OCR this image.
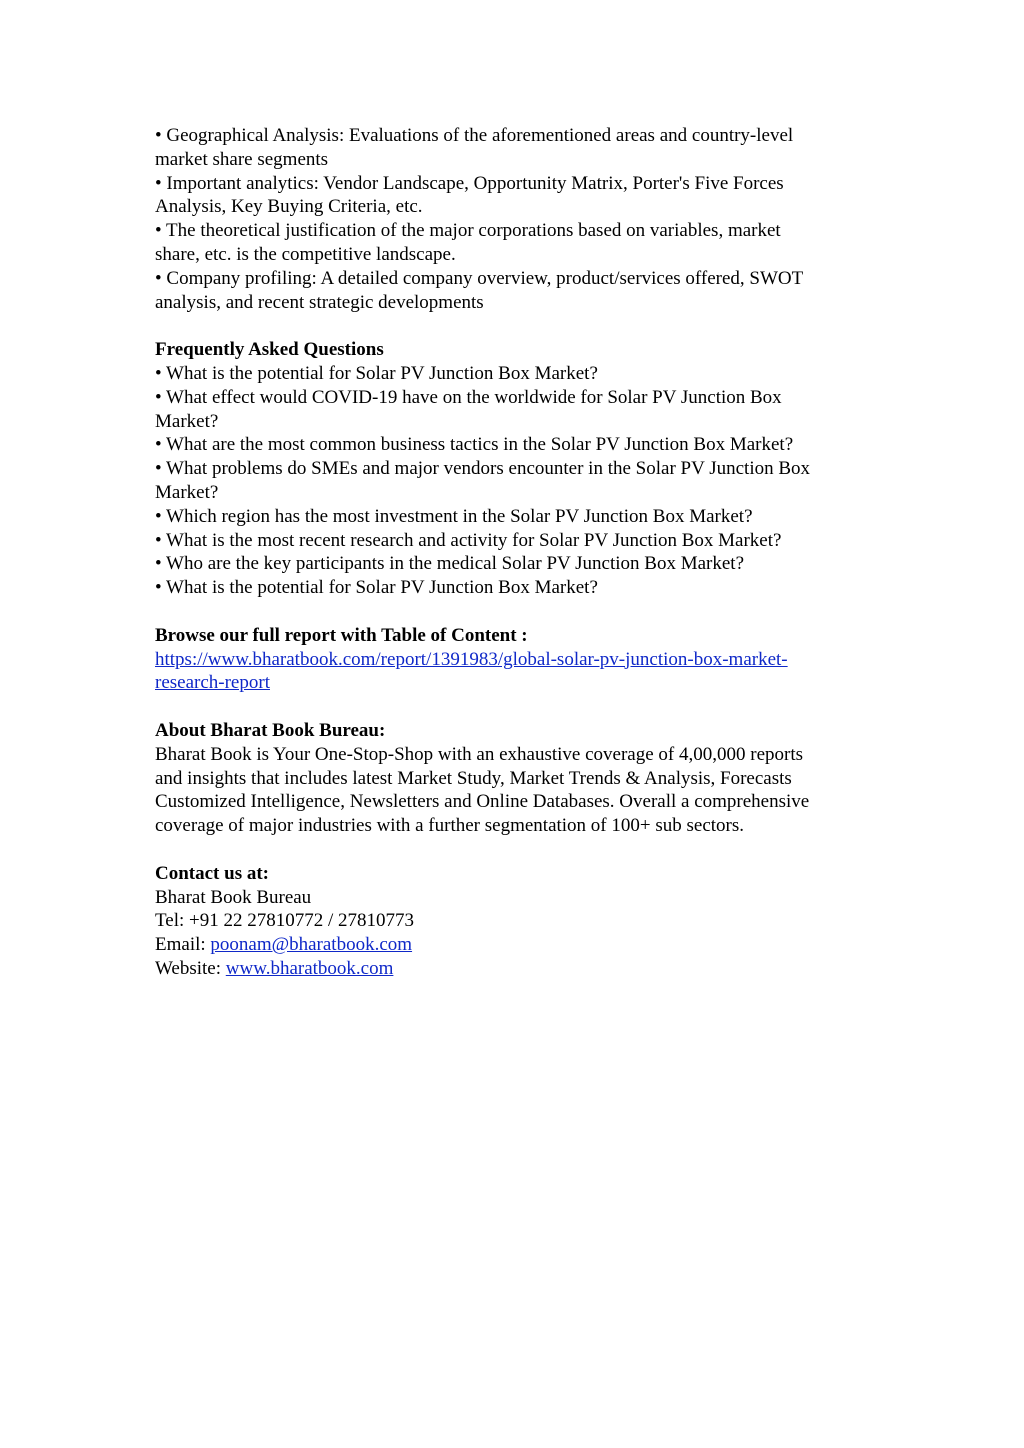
• Geographical Analysis: Evaluations of the aforementioned areas and country-level
market share segments
• Important analytics: Vendor Landscape, Opportunity Matrix, Porter's Five Forces
Analysis, Key Buying Criteria, etc.
• The theoretical justification of the major corporations based on variables, market
share, etc. is the competitive landscape.
• Company profiling: A detailed company overview, product/services offered, SWOT
analysis, and recent strategic developments
Frequently Asked Questions
• What is the potential for Solar PV Junction Box Market?
• What effect would COVID-19 have on the worldwide for Solar PV Junction Box
Market?
• What are the most common business tactics in the Solar PV Junction Box Market?
• What problems do SMEs and major vendors encounter in the Solar PV Junction Box
Market?
• Which region has the most investment in the Solar PV Junction Box Market?
• What is the most recent research and activity for Solar PV Junction Box Market?
• Who are the key participants in the medical Solar PV Junction Box Market?
• What is the potential for Solar PV Junction Box Market?
Browse our full report with Table of Content :
https://www.bharatbook.com/report/1391983/global-solar-pv-junction-box-market-
research-report
About Bharat Book Bureau:
Bharat Book is Your One-Stop-Shop with an exhaustive coverage of 4,00,000 reports
and insights that includes latest Market Study, Market Trends & Analysis, Forecasts
Customized Intelligence, Newsletters and Online Databases. Overall a comprehensive
coverage of major industries with a further segmentation of 100+ sub sectors.
Contact us at:
Bharat Book Bureau
Tel: +91 22 27810772 / 27810773
Email: poonam@bharatbook.com
Website: www.bharatbook.com
